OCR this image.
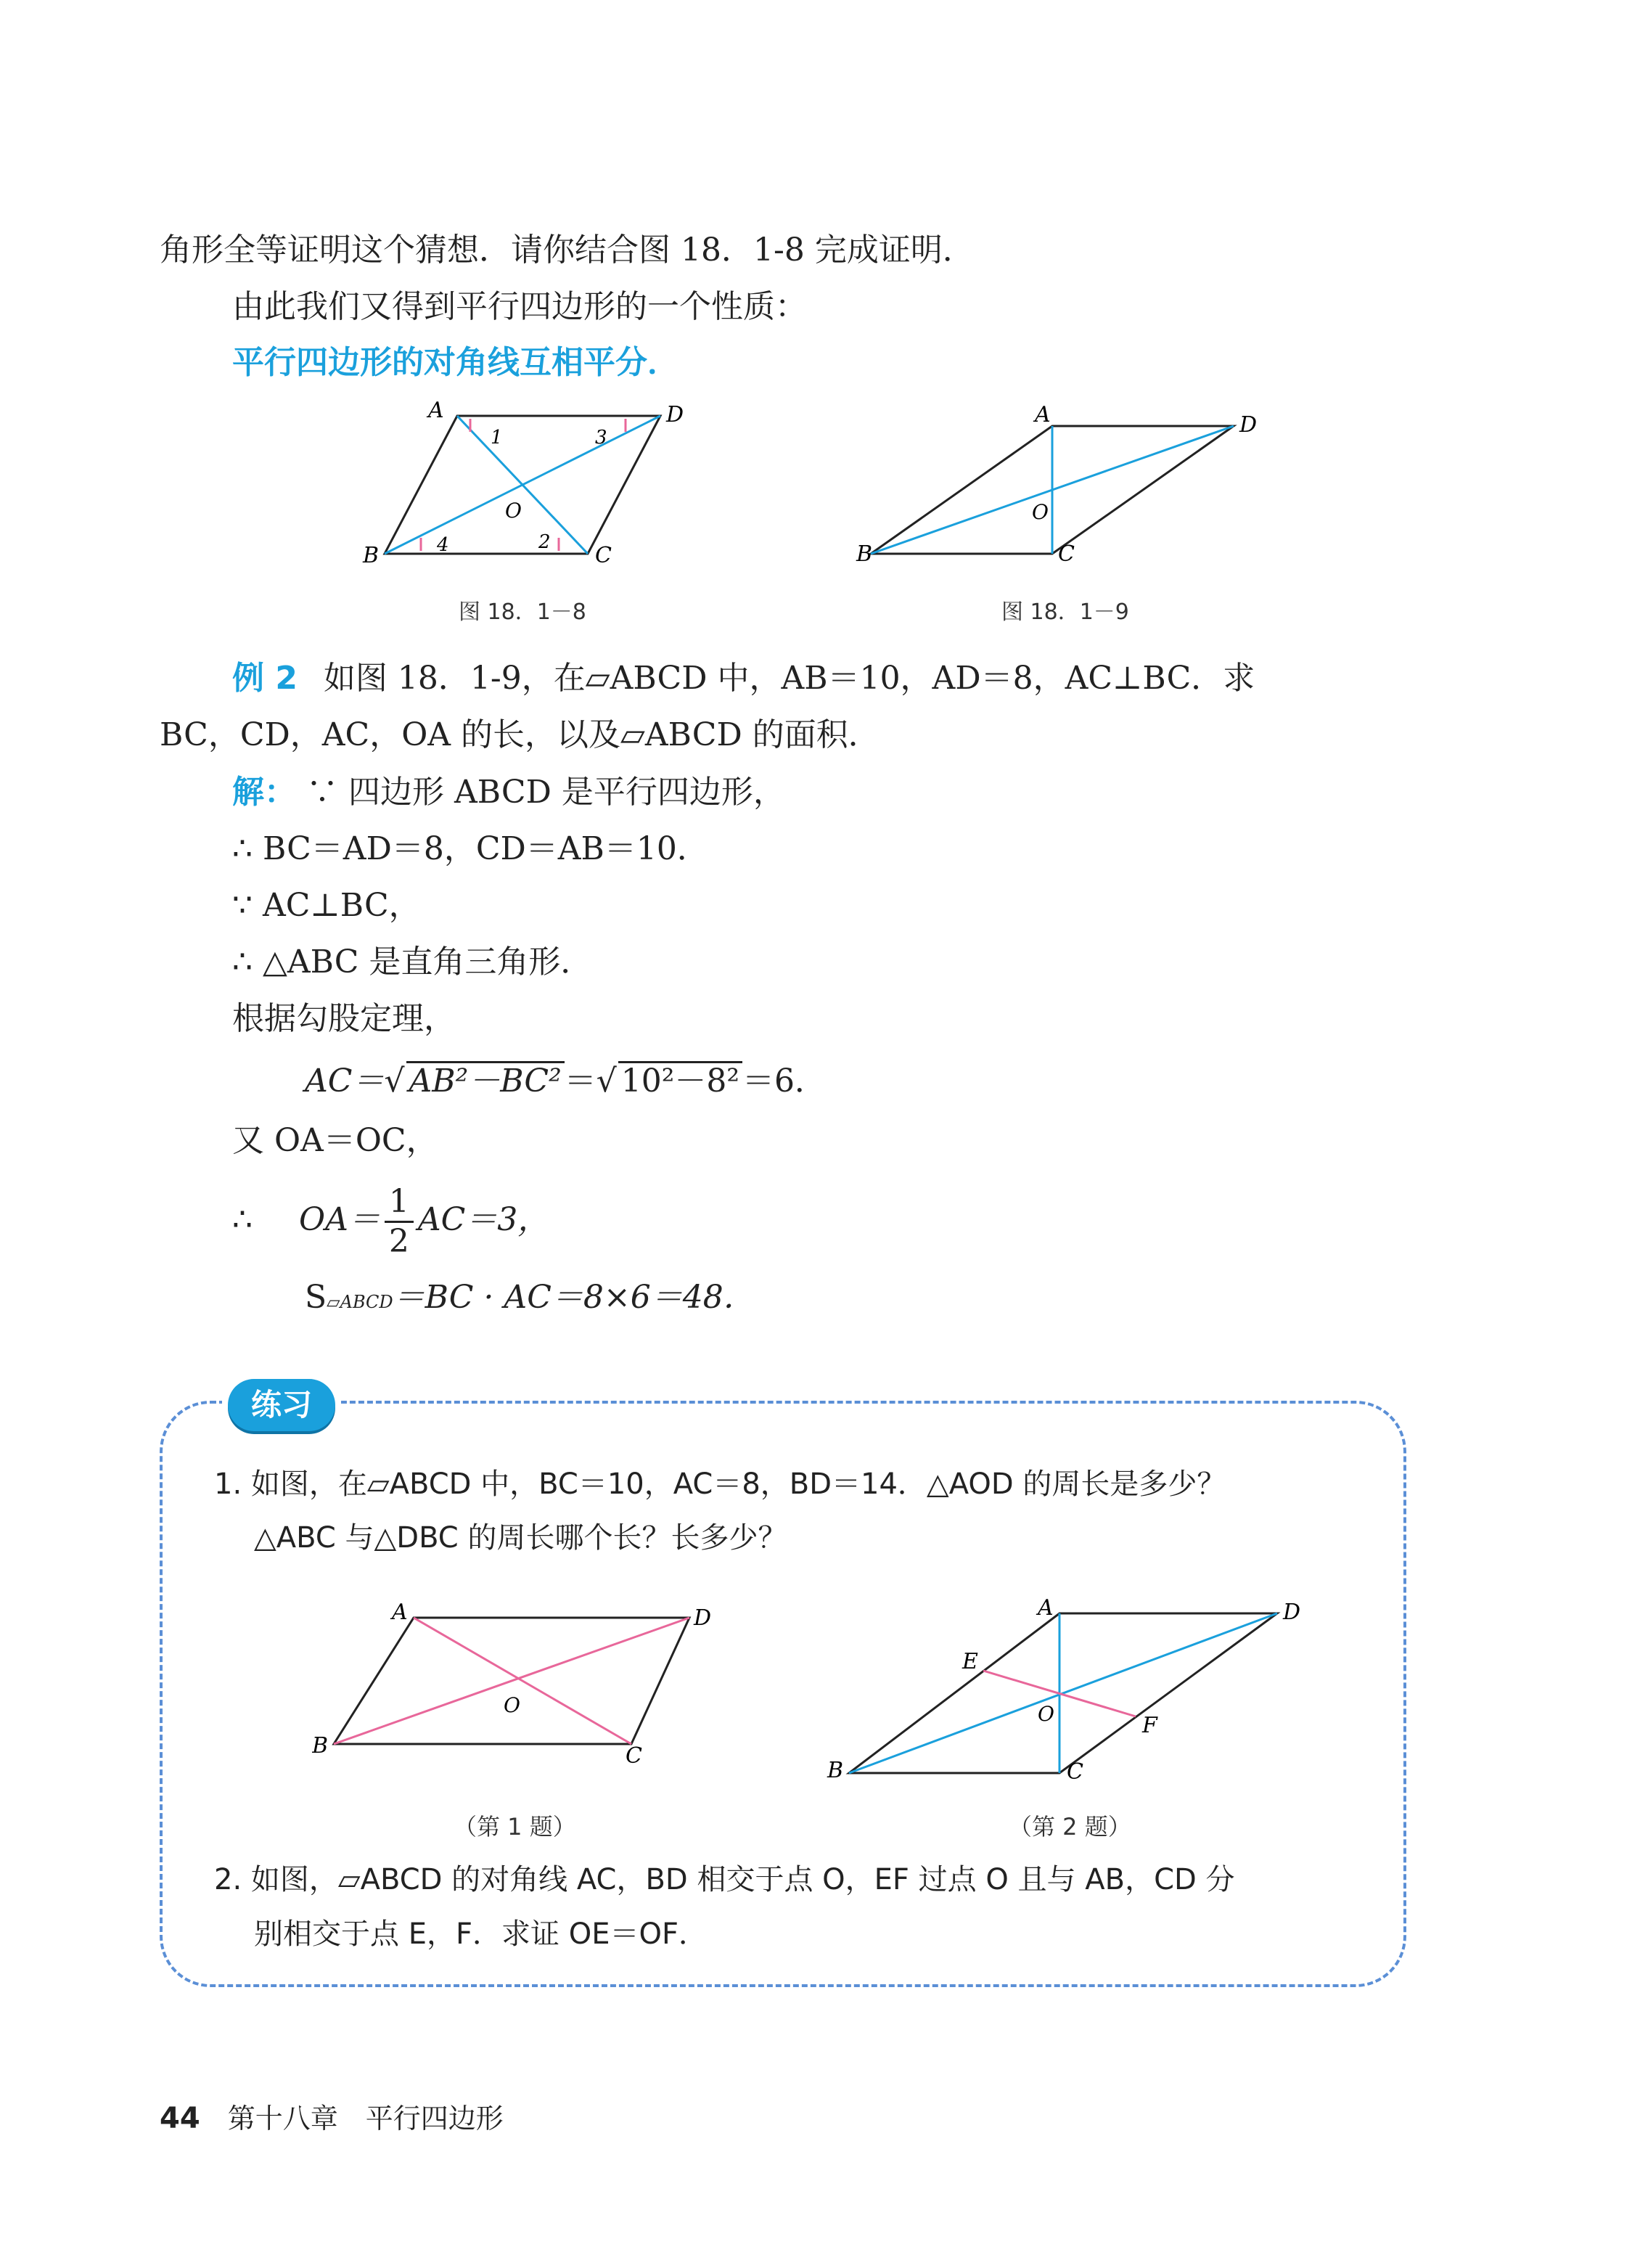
角形全等证明这个猜想．请你结合图 18．1-8 完成证明．
由此我们又得到平行四边形的一个性质：
平行四边形的对角线互相平分．
A	D
B	C
O
1	3
4	2
图 18．1－8
A	D
B	C
O
图 18．1－9
例 2 如图 18．1-9，在▱ABCD 中，AB＝10，AD＝8，AC⊥BC．求
BC，CD，AC，OA 的长，以及▱ABCD 的面积．
解： ∵ 四边形 ABCD 是平行四边形，
∴ BC＝AD＝8，CD＝AB＝10．
∵ AC⊥BC，
∴ △ABC 是直角三角形．
根据勾股定理，
AC＝√ AB²－BC²＝√ 10²－8²＝6．
又 OA＝OC，
∴ $OA= \frac{1}{2} AC=3$，
S▱ABCD＝BC · AC＝8×6＝48．
练习
1. 如图，在▱ABCD 中，BC＝10，AC＝8，BD＝14．△AOD 的周长是多少？
△ABC 与△DBC 的周长哪个长？长多少？
A	D
B	C
O
（第 1 题）
A	D
B	C
O
E
F
（第 2 题）
2. 如图，▱ABCD 的对角线 AC，BD 相交于点 O，EF 过点 O 且与 AB，CD 分
别相交于点 E，F．求证 OE＝OF．
44 第十八章　平行四边形
